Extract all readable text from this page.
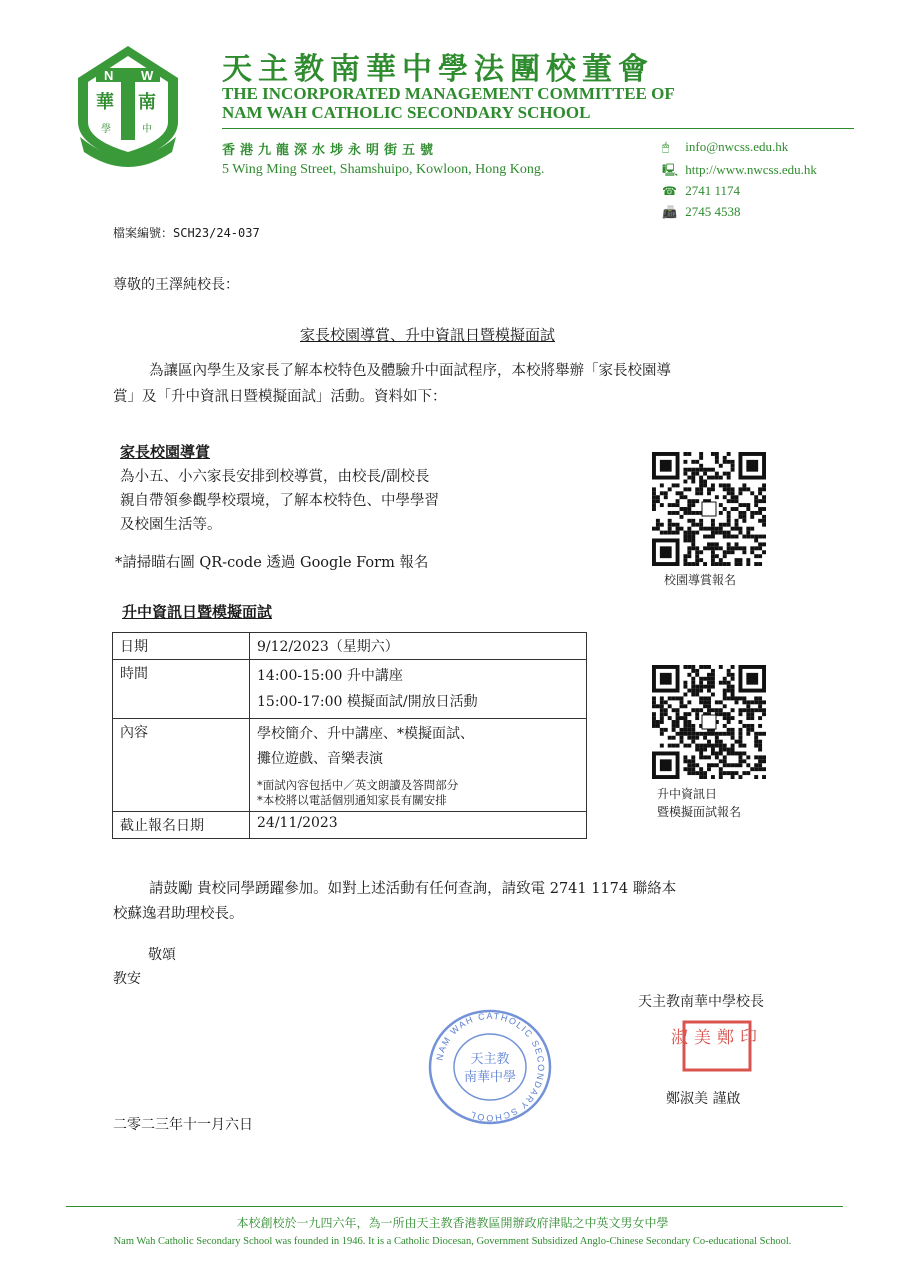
N W
華 南
學	中
天主教南華中學法團校董會
THE INCORPORATED MANAGEMENT COMMITTEE OF
NAM WAH CATHOLIC SECONDARY SCHOOL
香港九龍深水埗永明街五號
5 Wing Ming Street, Shamshuipo, Kowloon, Hong Kong.
🖱 info@nwcss.edu.hk
🖳 http://www.nwcss.edu.hk
☎ 2741 1174
📠 2745 4538
檔案編號：SCH23/24-037
尊敬的王澤純校長：
家長校園導賞、升中資訊日暨模擬面試
為讓區內學生及家長了解本校特色及體驗升中面試程序，本校將舉辦「家長校園導
賞」及「升中資訊日暨模擬面試」活動。資料如下：
家長校園導賞
為小五、小六家長安排到校導賞，由校長/副校長
親自帶領參觀學校環境，了解本校特色、中學學習
及校園生活等。
*請掃瞄右圖 QR-code 透過 Google Form 報名
校園導賞報名
升中資訊日暨模擬面試
日期	9/12/2023（星期六）
時間	14:00-15:00 升中講座
15:00-17:00 模擬面試/開放日活動

內容	學校簡介、升中講座、*模擬面試、
攤位遊戲、音樂表演
*面試內容包括中／英文朗讀及答問部分
*本校將以電話個別通知家長有關安排

截止報名日期	24/11/2023
升中資訊日
暨模擬面試報名
請鼓勵 貴校同學踴躍參加。如對上述活動有任何查詢，請致電 2741 1174 聯絡本
校蘇逸君助理校長。
敬頌
教安
天主教南華中學校長
NAM WAH CATHOLIC SECONDARY SCHOOL
天主教
南華中學
淑美鄭印
鄭淑美 謹啟
二零二三年十一月六日
本校創校於一九四六年，為一所由天主教香港教區開辦政府津貼之中英文男女中學
Nam Wah Catholic Secondary School was founded in 1946. It is a Catholic Diocesan, Government Subsidized Anglo-Chinese Secondary Co-educational School.
